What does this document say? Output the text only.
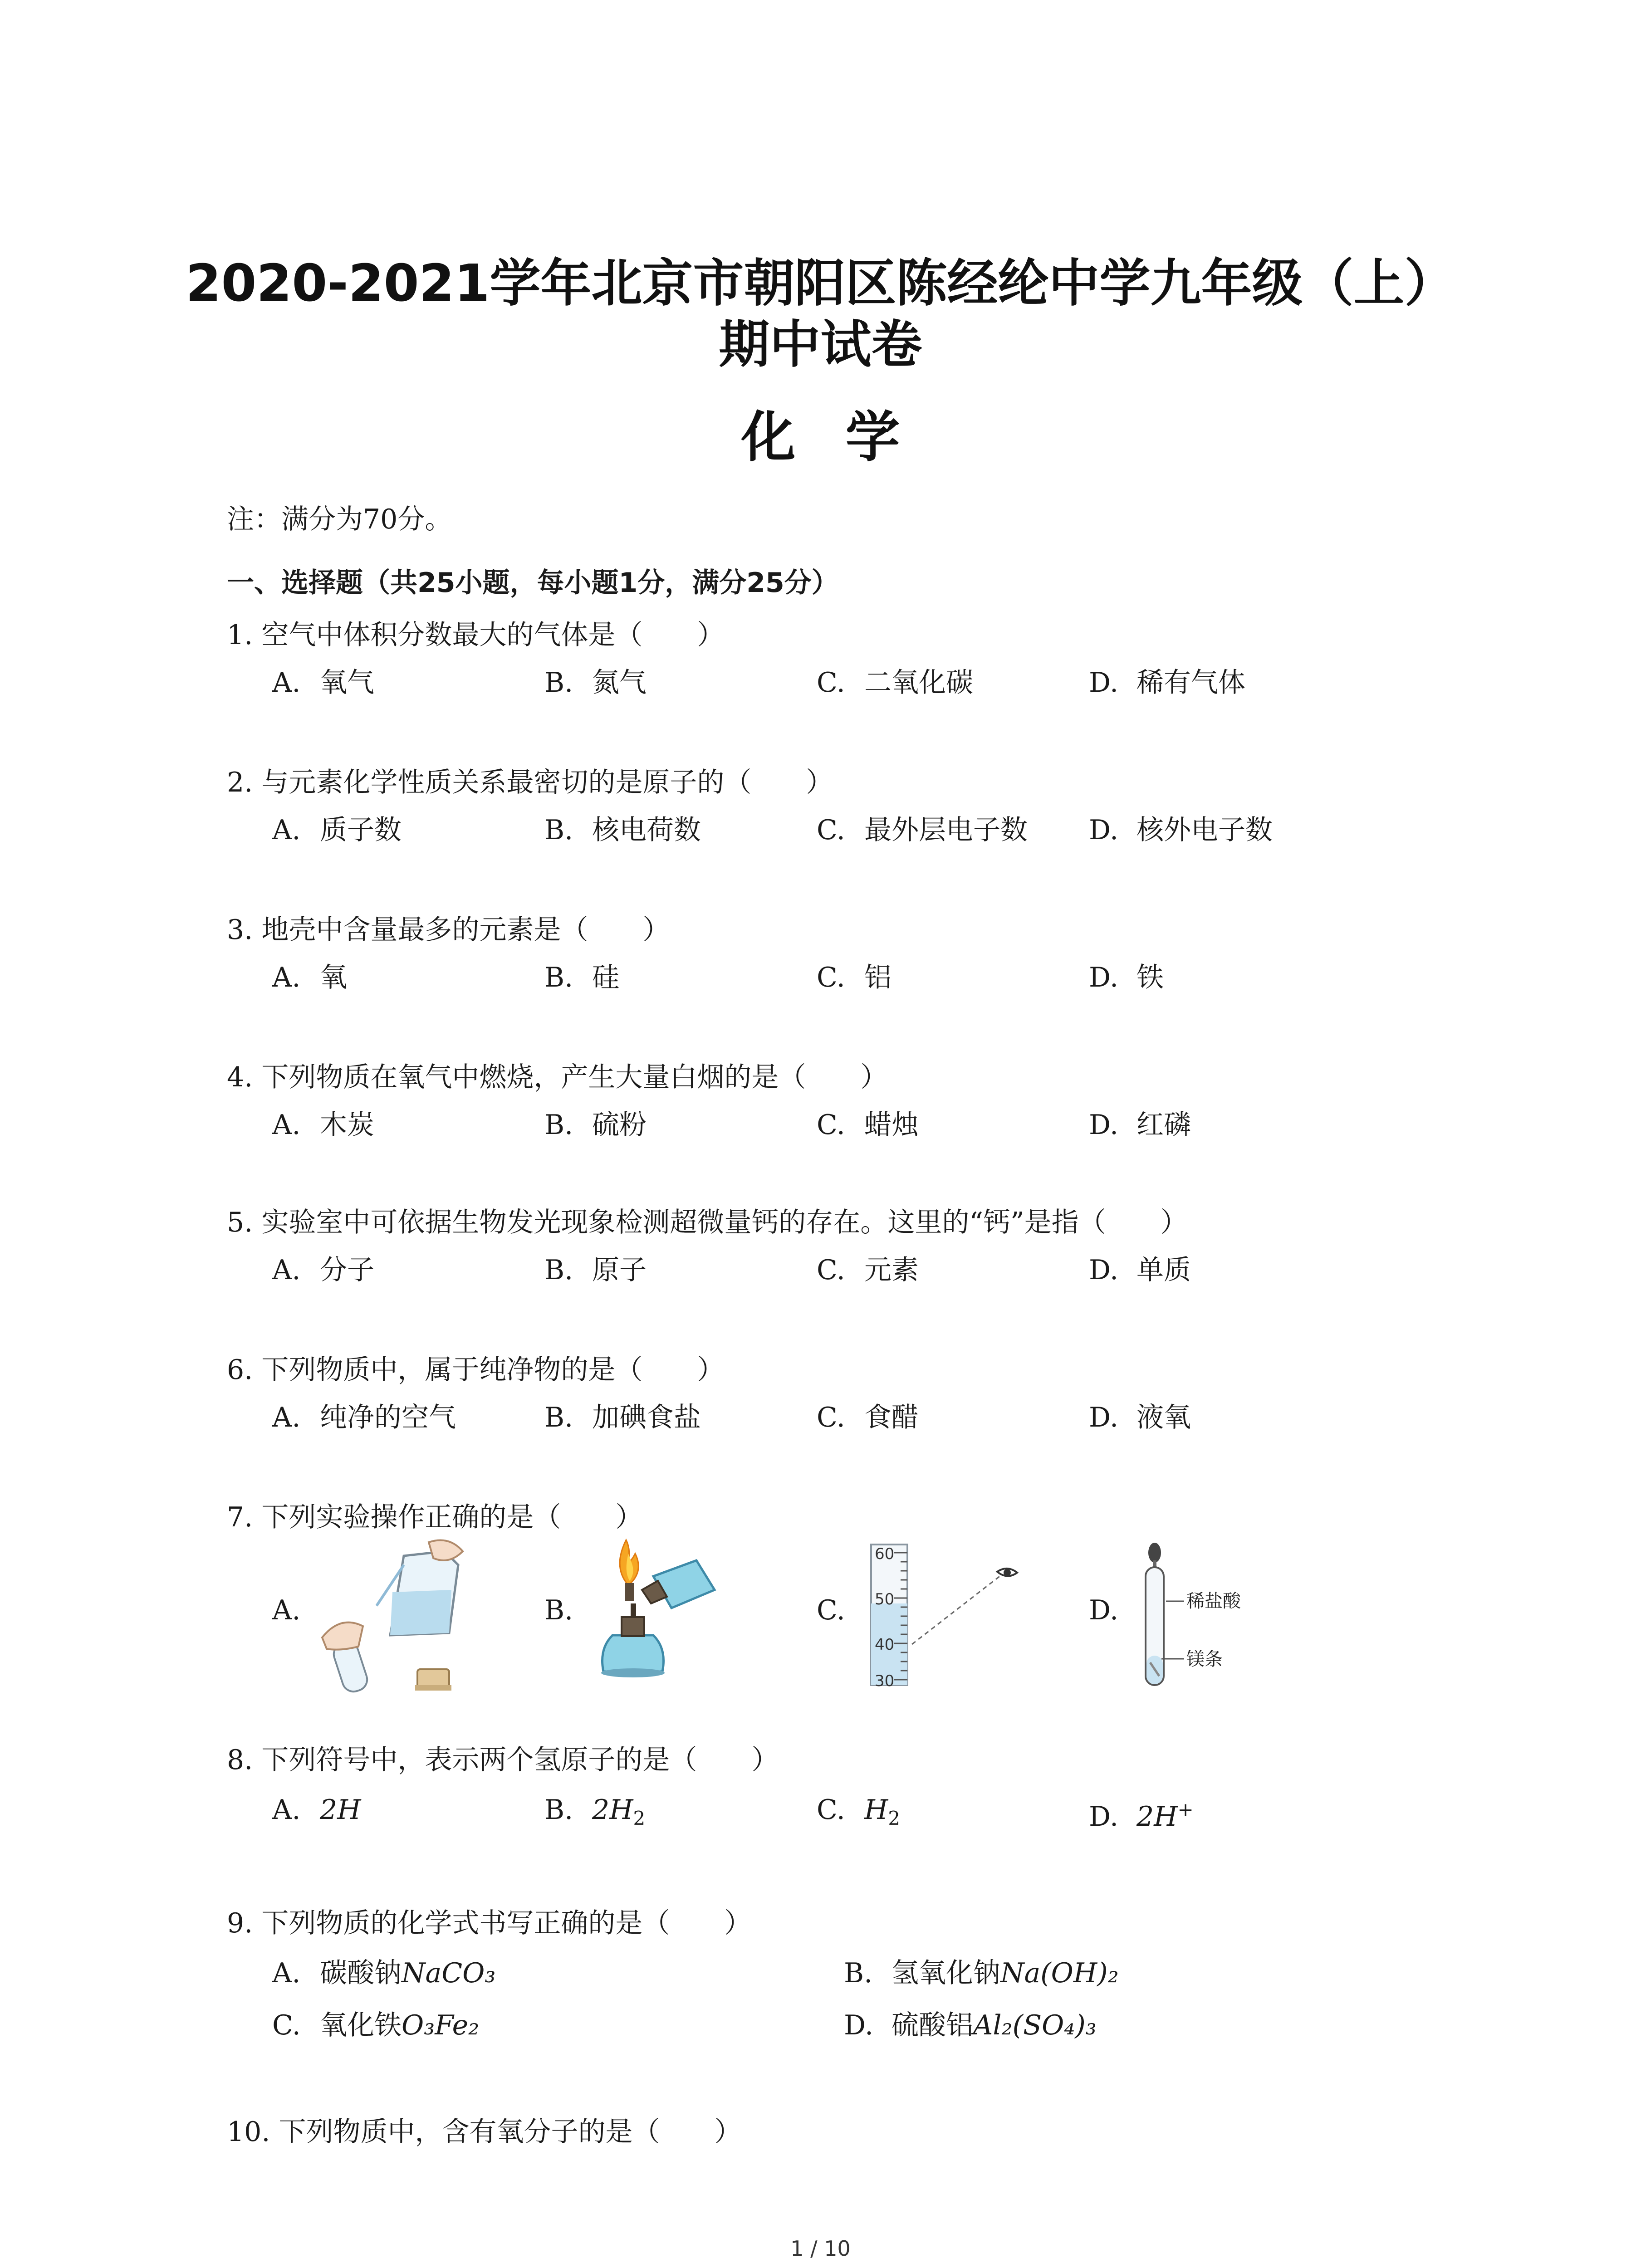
2020-2021学年北京市朝阳区陈经纶中学九年级（上）
期中试卷
化学
注：满分为70分。
一、选择题（共25小题，每小题1分，满分25分）
1. 空气中体积分数最大的气体是（　　）
A. 氧气	B. 氮气	C. 二氧化碳	D. 稀有气体
2. 与元素化学性质关系最密切的是原子的（　　）
A. 质子数	B. 核电荷数	C. 最外层电子数 D. 核外电子数
3. 地壳中含量最多的元素是（　　）
A. 氧	B. 硅	C. 铝	D. 铁
4. 下列物质在氧气中燃烧，产生大量白烟的是（　　）
A. 木炭	B. 硫粉	C. 蜡烛	D. 红磷
5. 实验室中可依据生物发光现象检测超微量钙的存在。这里的“钙”是指（　　）
A. 分子	B. 原子	C. 元素	D. 单质
6. 下列物质中，属于纯净物的是（　　）
A. 纯净的空气	B. 加碘食盐	C. 食醋	D. 液氧
7. 下列实验操作正确的是（　　）
A.	B.	C.	D.
60
50
40
30
稀盐酸
镁条
8. 下列符号中，表示两个氢原子的是（　　）
A. 2H	B. $2H_2$	C. $H_2$	D. 2H+
9. 下列物质的化学式书写正确的是（　　）
A. 碳酸钠NaCO₃	B. 氢氧化钠Na(OH)₂
C. 氧化铁O₃Fe₂	D. 硫酸铝Al₂(SO₄)₃
10. 下列物质中，含有氧分子的是（　　）
1 / 10
